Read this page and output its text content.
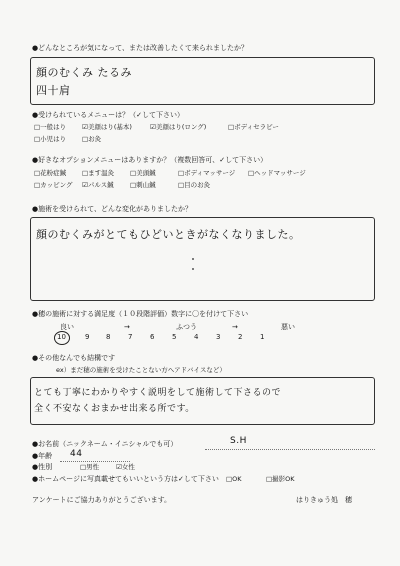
●どんなところが気になって、または改善したくて来られましたか？
顔のむくみ たるみ
四十肩
●受けられているメニューは？（✓して下さい）
□一般はり ☑美顔はり(基本)	☑美顔はり(ロング)	□ボディセラピー
□小児はり □お灸
●好きなオプションメニューはありますか？（複数回答可、✓して下さい）
□花粉症鍼 □ます温灸 □美頭鍼	□ボディマッサージ □ヘッドマッサージ
□カッピング ☑パルス鍼	□刺山鍼	□目のお灸
●施術を受けられて、どんな変化がありましたか？
顔のむくみがとてもひどいときがなくなりました。
●穂の施術に対する満足度（１０段階評価）数字に〇を付けて下さい
良い	→	ふつう	→	悪い
10	9 8	7	6	5	4	3	2	1
●その他なんでも結構です
ex）まだ穂の施術を受けたことない方へアドバイスなど）
とても丁寧にわかりやすく説明をして施術して下さるので
全く不安なくおまかせ出来る所です。
●お名前（ニックネーム・イニシャルでも可）	S.H
●年齢 44
●性別	□男性	☑女性
●ホームページに写真載せてもいいという方は✓して下さい □OK	□撮影OK
アンケートにご協力ありがとうございます。	はりきゅう処　穂
